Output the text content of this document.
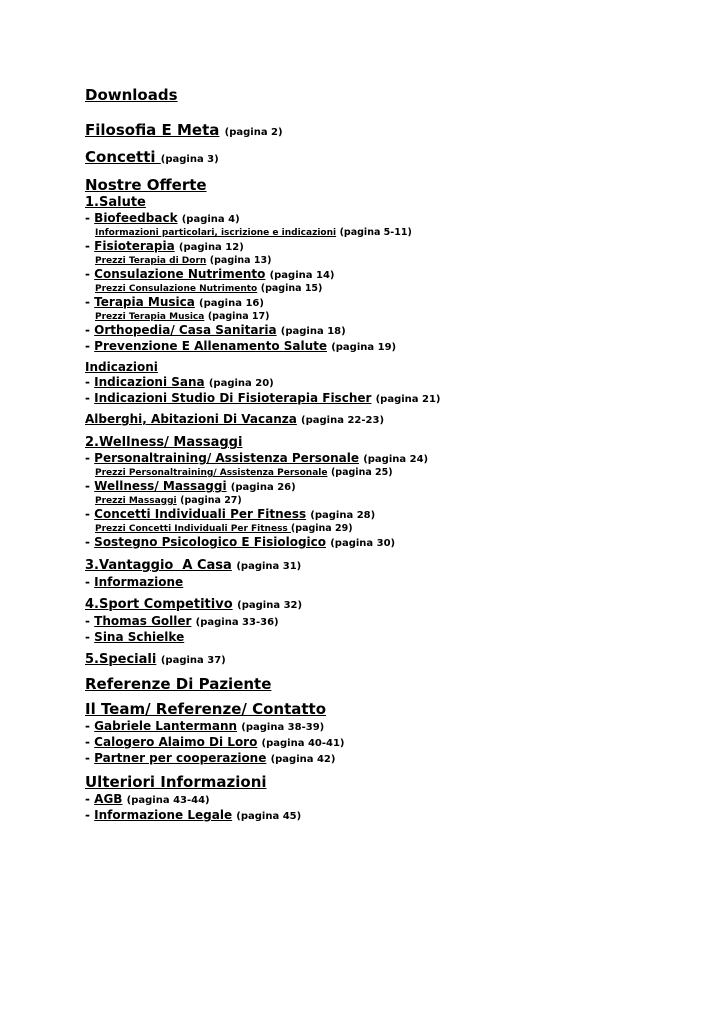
Downloads
Filosofia E Meta (pagina 2)
Concetti (pagina 3)
Nostre Offerte
1.Salute
- Biofeedback (pagina 4)
Informazioni particolari, iscrizione e indicazioni (pagina 5-11)
- Fisioterapia (pagina 12)
Prezzi Terapia di Dorn (pagina 13)
- Consulazione Nutrimento (pagina 14)
Prezzi Consulazione Nutrimento (pagina 15)
- Terapia Musica (pagina 16)
Prezzi Terapia Musica (pagina 17)
- Orthopedia/ Casa Sanitaria (pagina 18)
- Prevenzione E Allenamento Salute (pagina 19)
Indicazioni
- Indicazioni Sana (pagina 20)
- Indicazioni Studio Di Fisioterapia Fischer (pagina 21)
Alberghi, Abitazioni Di Vacanza (pagina 22-23)
2.Wellness/ Massaggi
- Personaltraining/ Assistenza Personale (pagina 24)
Prezzi Personaltraining/ Assistenza Personale (pagina 25)
- Wellness/ Massaggi (pagina 26)
Prezzi Massaggi (pagina 27)
- Concetti Individuali Per Fitness (pagina 28)
Prezzi Concetti Individuali Per Fitness (pagina 29)
- Sostegno Psicologico E Fisiologico (pagina 30)
3.Vantaggio  A Casa (pagina 31)
- Informazione
4.Sport Competitivo (pagina 32)
- Thomas Goller (pagina 33-36)
- Sina Schielke
5.Speciali (pagina 37)
Referenze Di Paziente
Il Team/ Referenze/ Contatto
- Gabriele Lantermann (pagina 38-39)
- Calogero Alaimo Di Loro (pagina 40-41)
- Partner per cooperazione (pagina 42)
Ulteriori Informazioni
- AGB (pagina 43-44)
- Informazione Legale (pagina 45)
